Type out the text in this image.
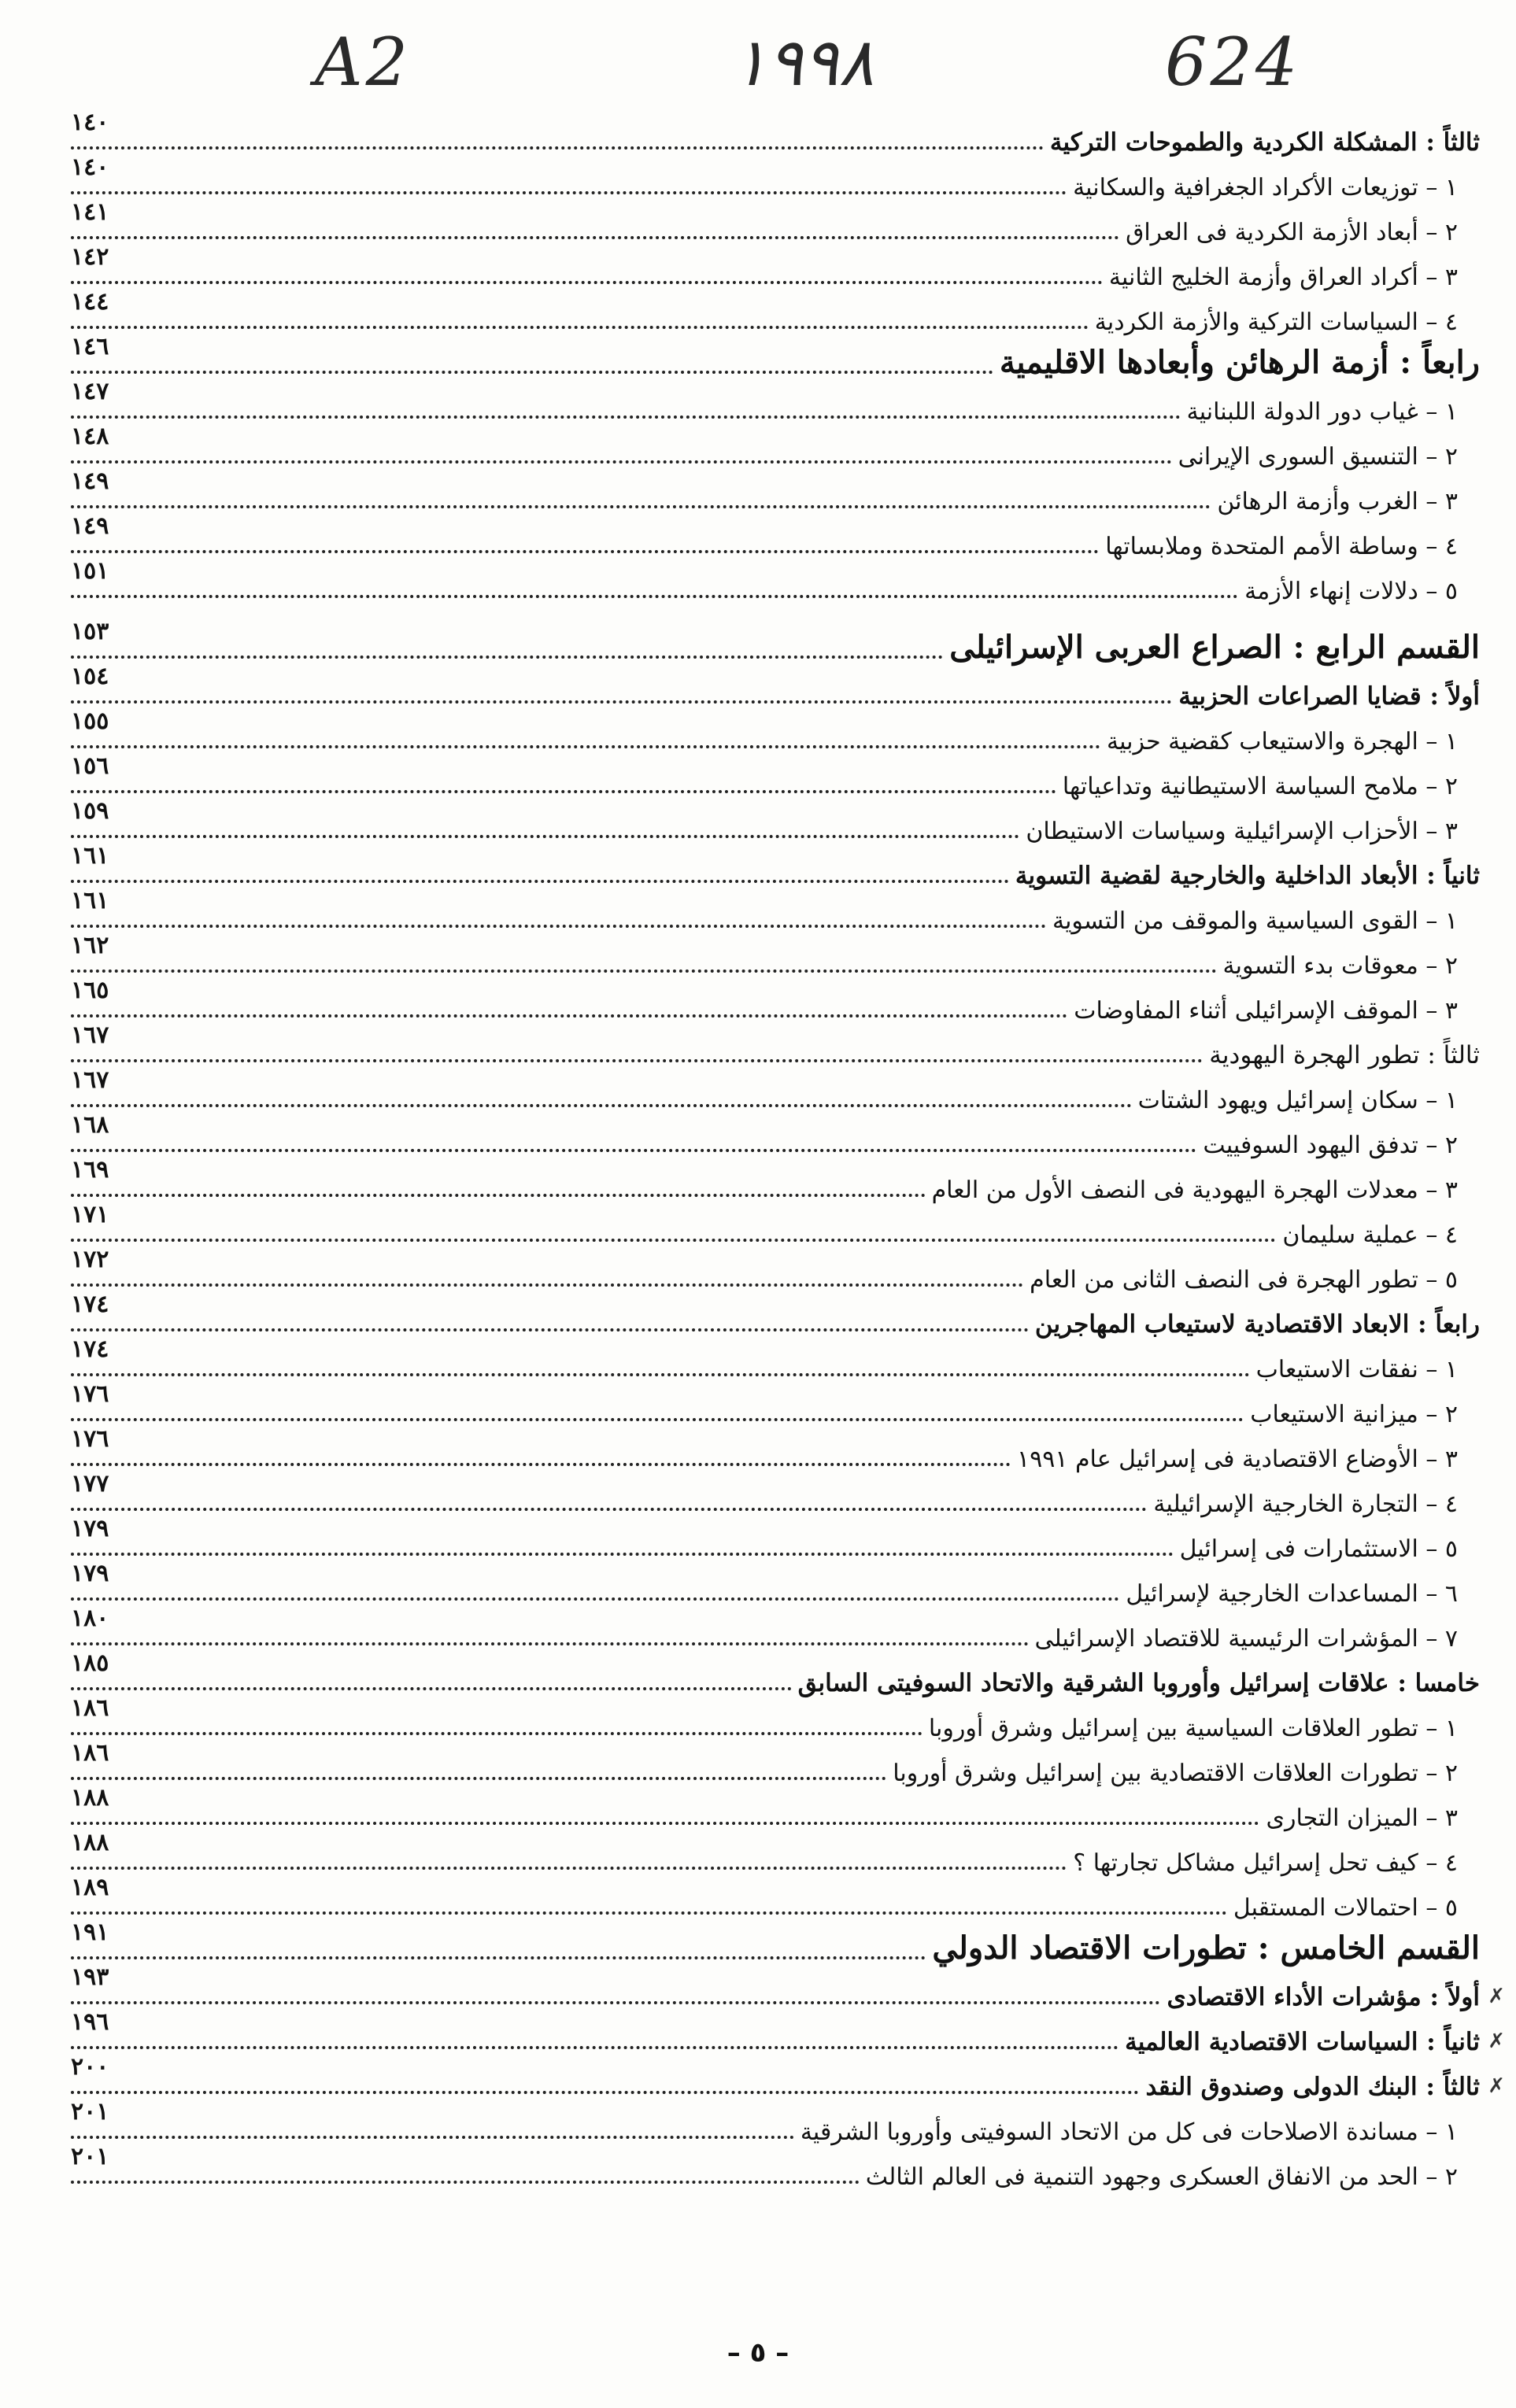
A2	١٩٩٨	624
ثالثاً : المشكلة الكردية والطموحات التركية
١٤٠
١ – توزيعات الأكراد الجغرافية والسكانية
١٤٠
٢ – أبعاد الأزمة الكردية فى العراق
١٤١
٣ – أكراد العراق وأزمة الخليج الثانية
١٤٢
٤ – السياسات التركية والأزمة الكردية
١٤٤
رابعاً : أزمة الرهائن وأبعادها الاقليمية
١٤٦
١ – غياب دور الدولة اللبنانية
١٤٧
٢ – التنسيق السورى الإيرانى
١٤٨
٣ – الغرب وأزمة الرهائن
١٤٩
٤ – وساطة الأمم المتحدة وملابساتها
١٤٩
٥ – دلالات إنهاء الأزمة
١٥١
القسم الرابع : الصراع العربى الإسرائيلى
١٥٣
أولاً : قضايا الصراعات الحزبية
١٥٤
١ – الهجرة والاستيعاب كقضية حزبية
١٥٥
٢ – ملامح السياسة الاستيطانية وتداعياتها
١٥٦
٣ – الأحزاب الإسرائيلية وسياسات الاستيطان
١٥٩
ثانياً : الأبعاد الداخلية والخارجية لقضية التسوية
١٦١
١ – القوى السياسية والموقف من التسوية
١٦١
٢ – معوقات بدء التسوية
١٦٢
٣ – الموقف الإسرائيلى أثناء المفاوضات
١٦٥
ثالثاً : تطور الهجرة اليهودية
١٦٧
١ – سكان إسرائيل ويهود الشتات
١٦٧
٢ – تدفق اليهود السوفييت
١٦٨
٣ – معدلات الهجرة اليهودية فى النصف الأول من العام
١٦٩
٤ – عملية سليمان
١٧١
٥ – تطور الهجرة فى النصف الثانى من العام
١٧٢
رابعاً : الابعاد الاقتصادية لاستيعاب المهاجرين
١٧٤
١ – نفقات الاستيعاب
١٧٤
٢ – ميزانية الاستيعاب
١٧٦
٣ – الأوضاع الاقتصادية فى إسرائيل عام ١٩٩١
١٧٦
٤ – التجارة الخارجية الإسرائيلية
١٧٧
٥ – الاستثمارات فى إسرائيل
١٧٩
٦ – المساعدات الخارجية لإسرائيل
١٧٩
٧ – المؤشرات الرئيسية للاقتصاد الإسرائيلى
١٨٠
خامسا : علاقات إسرائيل وأوروبا الشرقية والاتحاد السوفيتى السابق
١٨٥
١ – تطور العلاقات السياسية بين إسرائيل وشرق أوروبا
١٨٦
٢ – تطورات العلاقات الاقتصادية بين إسرائيل وشرق أوروبا
١٨٦
٣ – الميزان التجارى
١٨٨
٤ – كيف تحل إسرائيل مشاكل تجارتها ؟
١٨٨
٥ – احتمالات المستقبل
١٨٩
القسم الخامس : تطورات الاقتصاد الدولي
١٩١
أولاً : مؤشرات الأداء الاقتصادى
١٩٣
✗
ثانياً : السياسات الاقتصادية العالمية
١٩٦
✗
ثالثاً : البنك الدولى وصندوق النقد
٢٠٠
✗
١ – مساندة الاصلاحات فى كل من الاتحاد السوفيتى وأوروبا الشرقية
٢٠١
٢ – الحد من الانفاق العسكرى وجهود التنمية فى العالم الثالث
٢٠١
– ٥ –
